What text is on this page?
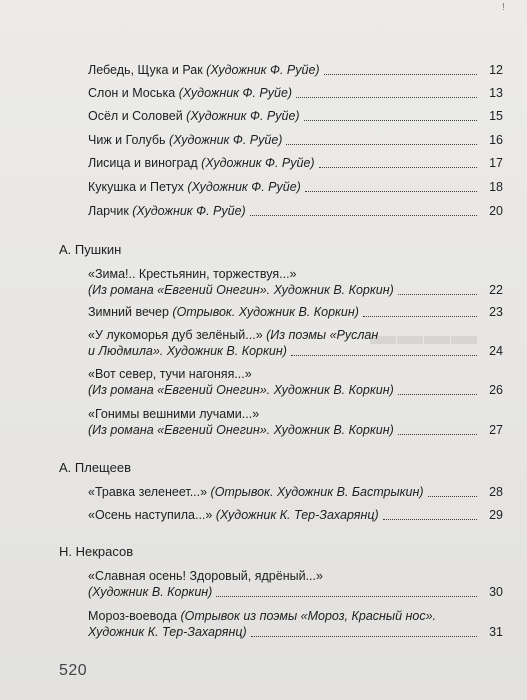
!
▬▬▬▬
Лебедь, Щука и Рак (Художник Ф. Руйе)	12
Слон и Моська (Художник Ф. Руйе)	13
Осёл и Соловей (Художник Ф. Руйе)	15
Чиж и Голубь (Художник Ф. Руйе)	16
Лисица и виноград (Художник Ф. Руйе)	17
Кукушка и Петух (Художник Ф. Руйе)	18
Ларчик (Художник Ф. Руйе)	20
А. Пушкин
«Зима!.. Крестьянин, торжествуя...»
(Из романа «Евгений Онегин». Художник В. Коркин)	22
Зимний вечер (Отрывок. Художник В. Коркин)	23
«У лукоморья дуб зелёный...» (Из поэмы «Руслан
и Людмила». Художник В. Коркин)	24
«Вот север, тучи нагоняя...»
(Из романа «Евгений Онегин». Художник В. Коркин)	26
«Гонимы вешними лучами...»
(Из романа «Евгений Онегин». Художник В. Коркин)	27
А. Плещеев
«Травка зеленеет...» (Отрывок. Художник В. Бастрыкин)	28
«Осень наступила...» (Художник К. Тер-Захарянц)	29
Н. Некрасов
«Славная осень! Здоровый, ядрёный...»
(Художник В. Коркин)	30
Мороз-воевода (Отрывок из поэмы «Мороз, Красный нос».
Художник К. Тер-Захарянц)	31
520
